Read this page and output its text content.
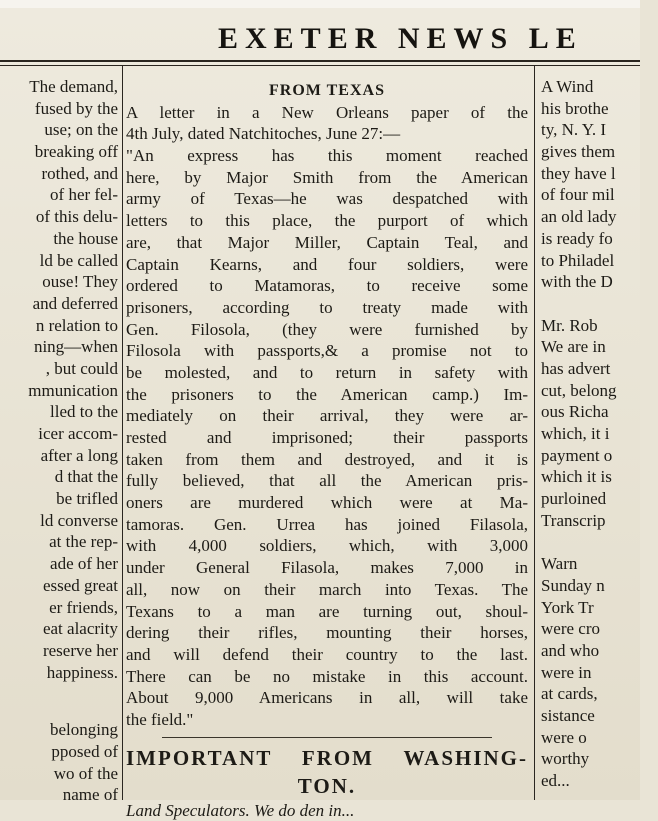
EXETER NEWS LE
The demand,
fused by the
use; on the
breaking off
rothed, and
of her fel-
of this delu-
the house
ld be called
ouse! They
and deferred
n relation to
ning—when
, but could
mmunication
lled to the
icer accom-
after a long
d that the
be trifled
ld converse
at the rep-
ade of her
essed great
er friends,
eat alacrity
reserve her
happiness.
belonging
pposed of
wo of the
name of
FROM TEXAS
A letter in a New Orleans paper of the
4th July, dated Natchitoches, June 27:—
"An express has this moment reached
here, by Major Smith from the American
army of Texas—he was despatched with
letters to this place, the purport of which
are, that Major Miller, Captain Teal, and
Captain Kearns, and four soldiers, were
ordered to Matamoras, to receive some
prisoners, according to treaty made with
Gen. Filosola, (they were furnished by
Filosola with passports,& a promise not to
be molested, and to return in safety with
the prisoners to the American camp.) Im-
mediately on their arrival, they were ar-
rested and imprisoned; their passports
taken from them and destroyed, and it is
fully believed, that all the American pris-
oners are murdered which were at Ma-
tamoras. Gen. Urrea has joined Filasola,
with 4,000 soldiers, which, with 3,000
under General Filasola, makes 7,000 in
all, now on their march into Texas. The
Texans to a man are turning out, shoul-
dering their rifles, mounting their horses,
and will defend their country to the last.
There can be no mistake in this account.
About 9,000 Americans in all, will take
the field."
IMPORTANT FROM WASHING-
TON.
Land Speculators. We do den in...
A Wind
his brothe
ty, N. Y. I
gives them
they have l
of four mil
an old lady
is ready fo
to Philadel
with the D
Mr. Rob
We are in
has advert
cut, belong
ous Richa
which, it i
payment o
which it is
purloined
Transcrip
Warn
Sunday n
York Tr
were cro
and who
were in
at cards,
sistance
were o
worthy
ed...
